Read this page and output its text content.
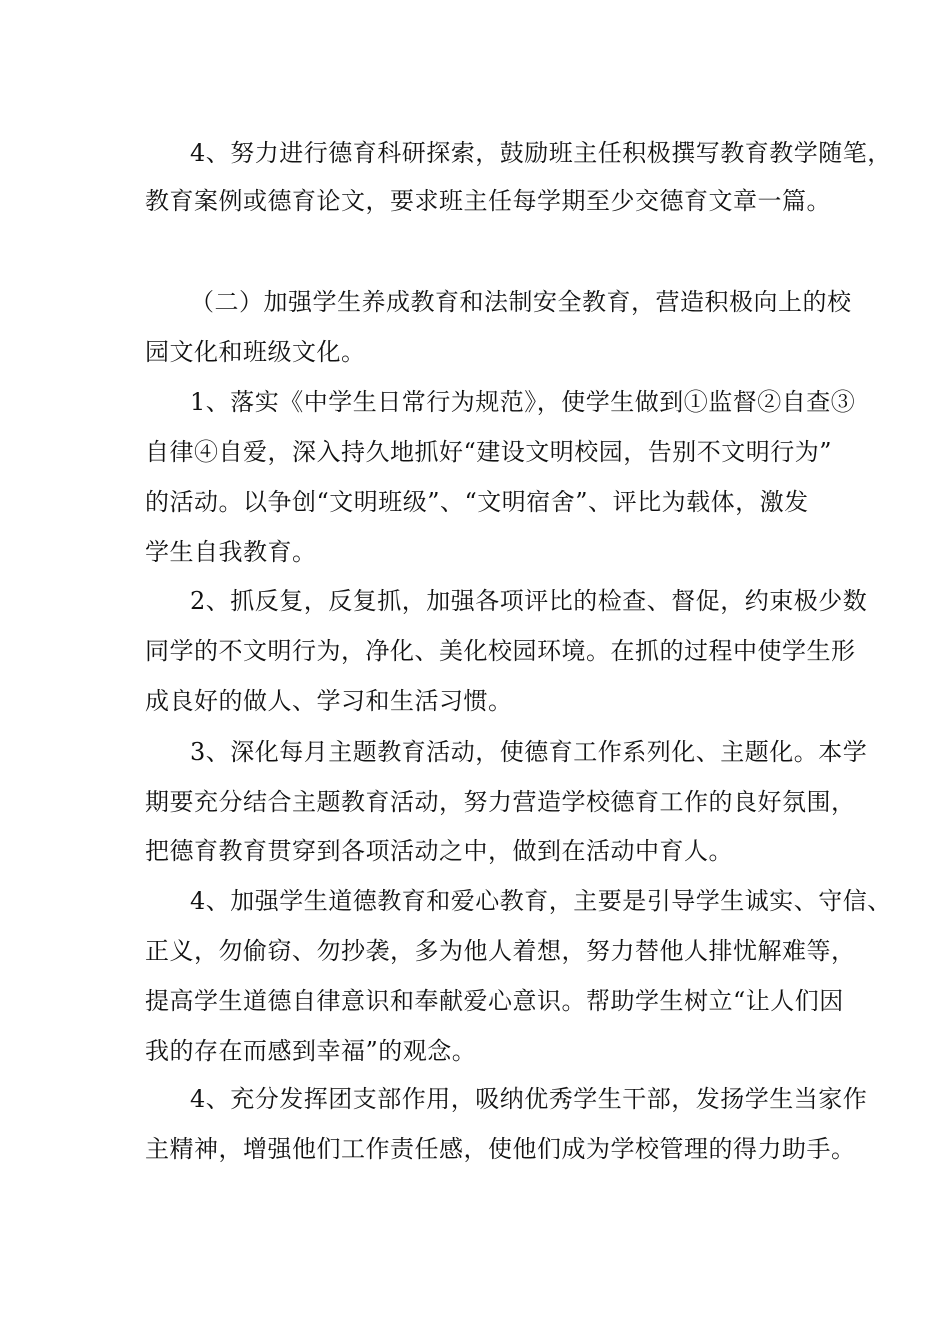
4、努力进行德育科研探索，鼓励班主任积极撰写教育教学随笔，
教育案例或德育论文，要求班主任每学期至少交德育文章一篇。
（二）加强学生养成教育和法制安全教育，营造积极向上的校
园文化和班级文化。
1、落实《中学生日常行为规范》，使学生做到①监督②自查③
自律④自爱，深入持久地抓好“建设文明校园，告别不文明行为”
的活动。以争创“文明班级”、“文明宿舍”、评比为载体，激发
学生自我教育。
2、抓反复，反复抓，加强各项评比的检查、督促，约束极少数
同学的不文明行为，净化、美化校园环境。在抓的过程中使学生形
成良好的做人、学习和生活习惯。
3、深化每月主题教育活动，使德育工作系列化、主题化。本学
期要充分结合主题教育活动，努力营造学校德育工作的良好氛围，
把德育教育贯穿到各项活动之中，做到在活动中育人。
4、加强学生道德教育和爱心教育，主要是引导学生诚实、守信、
正义，勿偷窃、勿抄袭，多为他人着想，努力替他人排忧解难等，
提高学生道德自律意识和奉献爱心意识。帮助学生树立“让人们因
我的存在而感到幸福”的观念。
4、充分发挥团支部作用，吸纳优秀学生干部，发扬学生当家作
主精神，增强他们工作责任感，使他们成为学校管理的得力助手。
